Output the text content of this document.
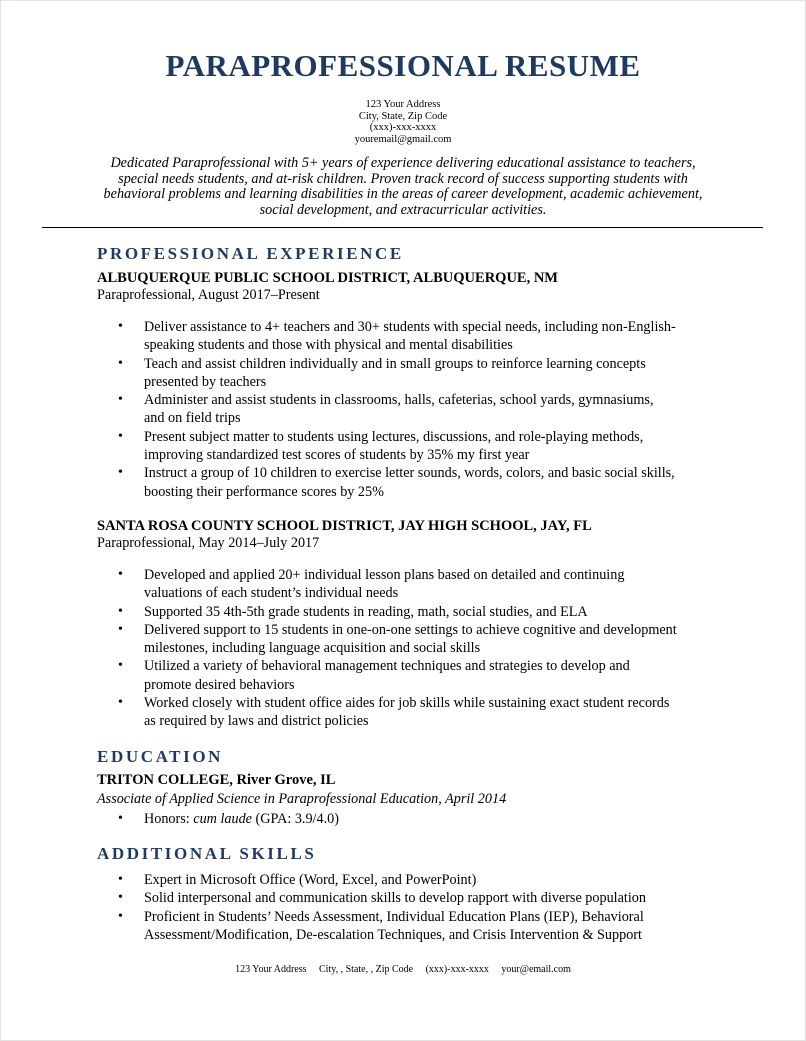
PARAPROFESSIONAL RESUME
123 Your Address
City, State, Zip Code
(xxx)-xxx-xxxx
youremail@gmail.com
Dedicated Paraprofessional with 5+ years of experience delivering educational assistance to teachers, special needs students, and at-risk children. Proven track record of success supporting students with behavioral problems and learning disabilities in the areas of career development, academic achievement, social development, and extracurricular activities.
PROFESSIONAL EXPERIENCE
ALBUQUERQUE PUBLIC SCHOOL DISTRICT, ALBUQUERQUE, NM
Paraprofessional, August 2017–Present
• Deliver assistance to 4+ teachers and 30+ students with special needs, including non-English-speaking students and those with physical and mental disabilities
• Teach and assist children individually and in small groups to reinforce learning concepts presented by teachers
• Administer and assist students in classrooms, halls, cafeterias, school yards, gymnasiums, and on field trips
• Present subject matter to students using lectures, discussions, and role-playing methods, improving standardized test scores of students by 35% my first year
• Instruct a group of 10 children to exercise letter sounds, words, colors, and basic social skills, boosting their performance scores by 25%
SANTA ROSA COUNTY SCHOOL DISTRICT, JAY HIGH SCHOOL, JAY, FL
Paraprofessional, May 2014–July 2017
• Developed and applied 20+ individual lesson plans based on detailed and continuing valuations of each student’s individual needs
• Supported 35 4th-5th grade students in reading, math, social studies, and ELA
• Delivered support to 15 students in one-on-one settings to achieve cognitive and development milestones, including language acquisition and social skills
• Utilized a variety of behavioral management techniques and strategies to develop and promote desired behaviors
• Worked closely with student office aides for job skills while sustaining exact student records as required by laws and district policies
EDUCATION
TRITON COLLEGE, River Grove, IL
Associate of Applied Science in Paraprofessional Education, April 2014
• Honors: cum laude (GPA: 3.9/4.0)
ADDITIONAL SKILLS
• Expert in Microsoft Office (Word, Excel, and PowerPoint)
• Solid interpersonal and communication skills to develop rapport with diverse population
• Proficient in Students’ Needs Assessment, Individual Education Plans (IEP), Behavioral Assessment/Modification, De-escalation Techniques, and Crisis Intervention & Support
123 Your Address City, , State, , Zip Code (xxx)-xxx-xxxx your@email.com
